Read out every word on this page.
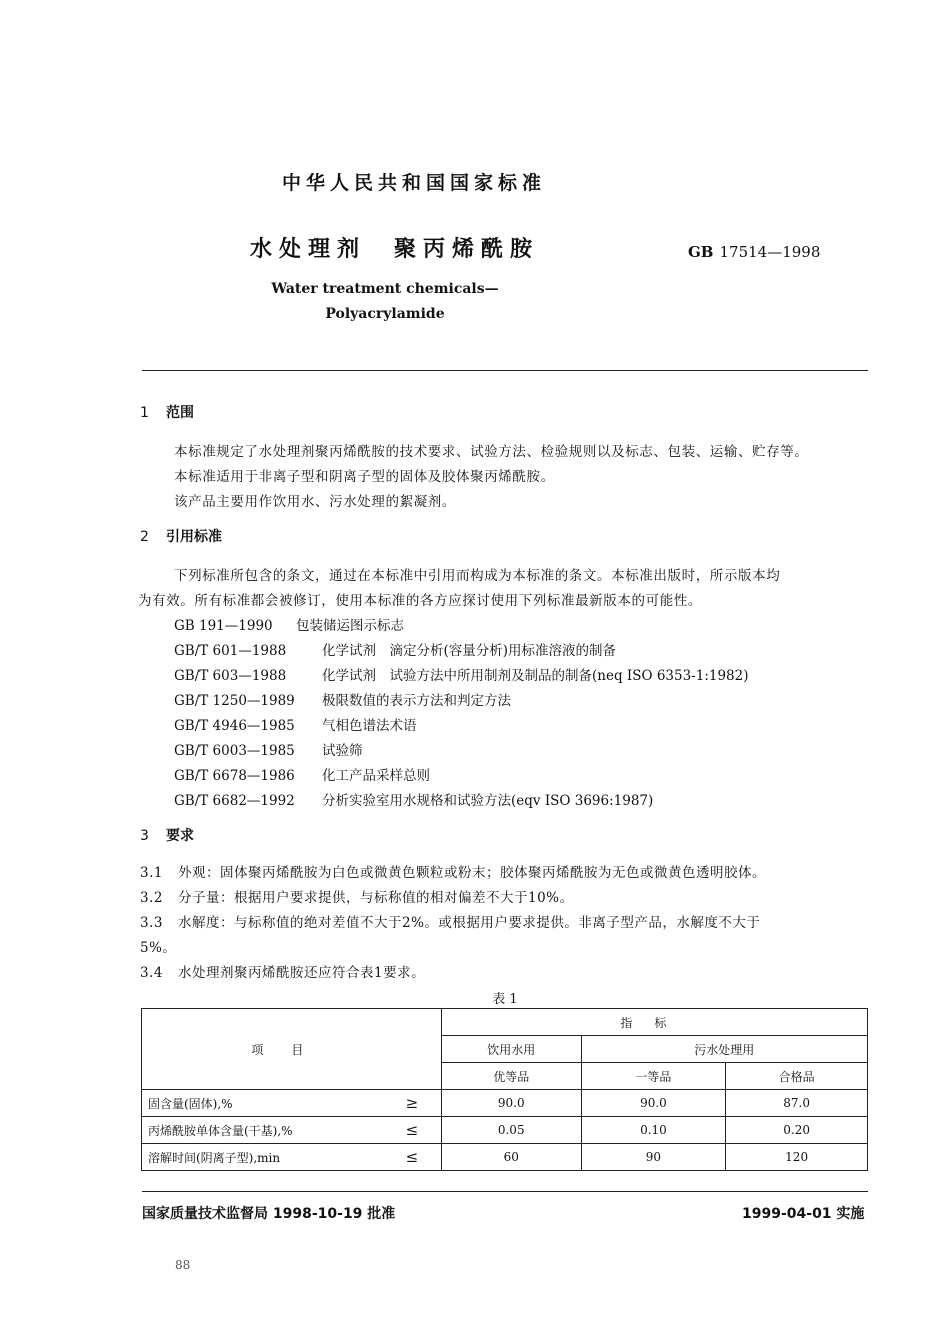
中华人民共和国国家标准
水处理剂 聚丙烯酰胺	GB 17514—1998
Water treatment chemicals—
Polyacrylamide
1 范围
本标准规定了水处理剂聚丙烯酰胺的技术要求、试验方法、检验规则以及标志、包装、运输、贮存等。
本标准适用于非离子型和阴离子型的固体及胶体聚丙烯酰胺。
该产品主要用作饮用水、污水处理的絮凝剂。
2 引用标准
下列标准所包含的条文，通过在本标准中引用而构成为本标准的条文。本标准出版时，所示版本均
为有效。所有标准都会被修订，使用本标准的各方应探讨使用下列标准最新版本的可能性。
GB 191—1990 包装储运图示标志
GB/T 601—1988	化学试剂　滴定分析(容量分析)用标准溶液的制备
GB/T 603—1988	化学试剂　试验方法中所用制剂及制品的制备(neq ISO 6353-1:1982)
GB/T 1250—1989 极限数值的表示方法和判定方法
GB/T 4946—1985 气相色谱法术语
GB/T 6003—1985 试验筛
GB/T 6678—1986 化工产品采样总则
GB/T 6682—1992 分析实验室用水规格和试验方法(eqv ISO 3696:1987)
3 要求
3.1 外观：固体聚丙烯酰胺为白色或微黄色颗粒或粉末；胶体聚丙烯酰胺为无色或微黄色透明胶体。
3.2 分子量：根据用户要求提供，与标称值的相对偏差不大于10%。
3.3 水解度：与标称值的绝对差值不大于2%。或根据用户要求提供。非离子型产品，水解度不大于
5%。
3.4 水处理剂聚丙烯酰胺还应符合表1要求。
表 1
项目		指标		
		饮用水用	污水处理用	
		优等品	一等品	合格品
固含量(固体),%	≥	90.0	90.0	87.0
丙烯酰胺单体含量(干基),%	≤	0.05	0.10	0.20
溶解时间(阴离子型),min	≤	60	90	120
国家质量技术监督局 1998-10-19 批准	1999-04-01 实施
88
